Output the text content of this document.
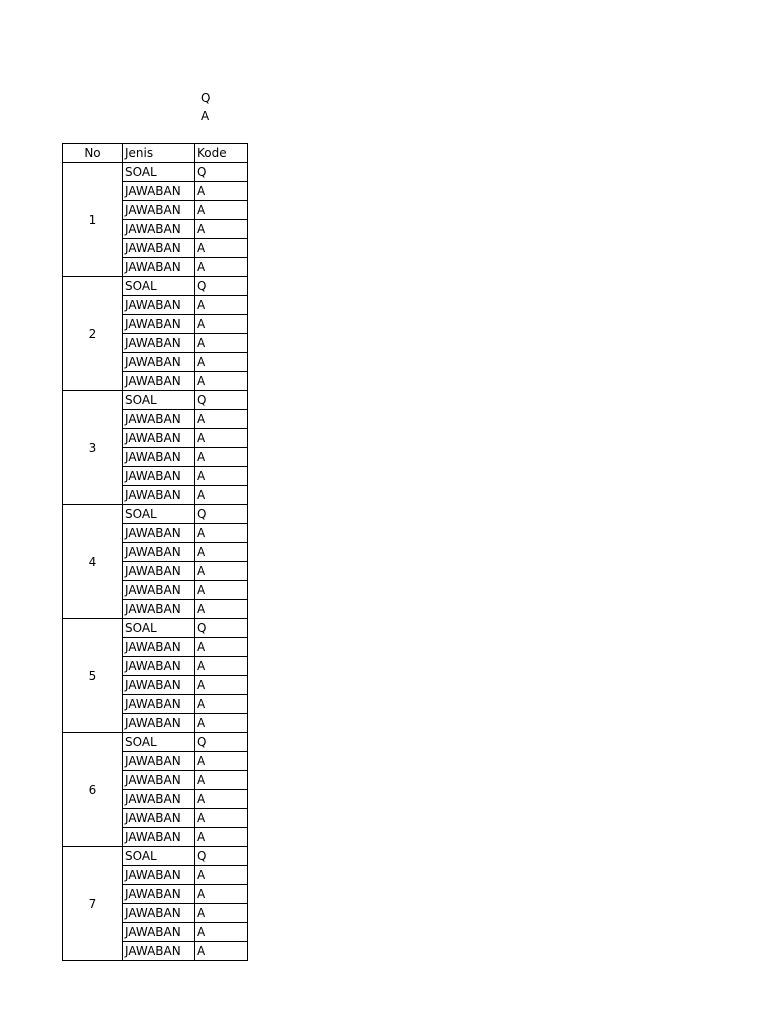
Q
A
No	Jenis	Kode
1	SOAL	Q
	JAWABAN	A
	JAWABAN	A
	JAWABAN	A
	JAWABAN	A
	JAWABAN	A
2	SOAL	Q
	JAWABAN	A
	JAWABAN	A
	JAWABAN	A
	JAWABAN	A
	JAWABAN	A
3	SOAL	Q
	JAWABAN	A
	JAWABAN	A
	JAWABAN	A
	JAWABAN	A
	JAWABAN	A
4	SOAL	Q
	JAWABAN	A
	JAWABAN	A
	JAWABAN	A
	JAWABAN	A
	JAWABAN	A
5	SOAL	Q
	JAWABAN	A
	JAWABAN	A
	JAWABAN	A
	JAWABAN	A
	JAWABAN	A
6	SOAL	Q
	JAWABAN	A
	JAWABAN	A
	JAWABAN	A
	JAWABAN	A
	JAWABAN	A
7	SOAL	Q
	JAWABAN	A
	JAWABAN	A
	JAWABAN	A
	JAWABAN	A
	JAWABAN	A
